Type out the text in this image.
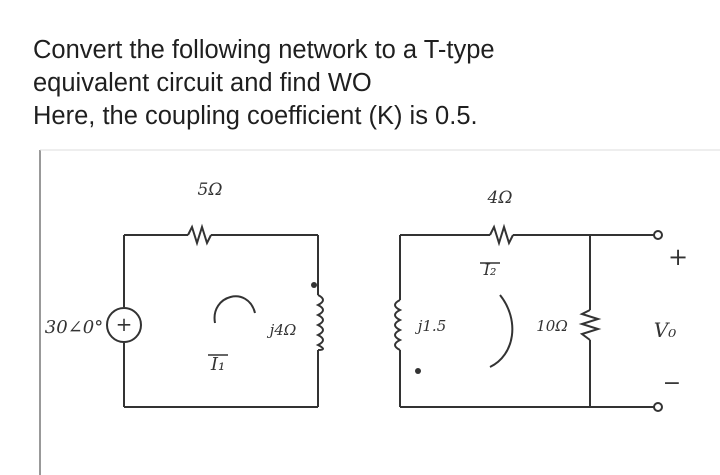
Convert the following network to a T-type
equivalent circuit and find WO
Here, the coupling coefficient (K) is 0.5.
+
30∠0°
5Ω
I₁
j4Ω	j1.5
4Ω
I₂
10Ω
+
V₀
−
